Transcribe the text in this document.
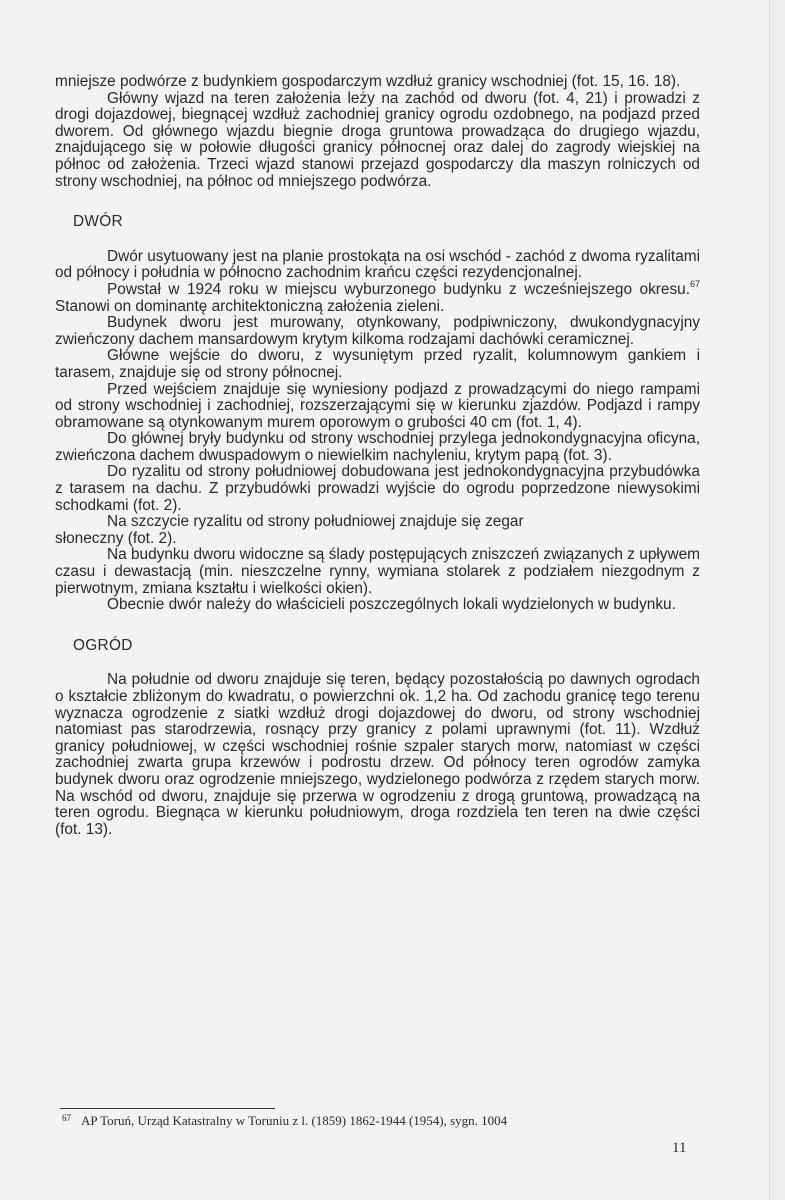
mniejsze podwórze z budynkiem gospodarczym wzdłuż granicy wschodniej (fot. 15, 16. 18).

Główny wjazd na teren założenia leży na zachód od dworu (fot. 4, 21) i prowadzi z drogi dojazdowej, biegnącej wzdłuż zachodniej granicy ogrodu ozdobnego, na podjazd przed dworem. Od głównego wjazdu biegnie droga gruntowa prowadząca do drugiego wjazdu, znajdującego się w połowie długości granicy północnej oraz dalej do zagrody wiejskiej na północ od założenia. Trzeci wjazd stanowi przejazd gospodarczy dla maszyn rolniczych od strony wschodniej, na północ od mniejszego podwórza.

DWÓR

Dwór usytuowany jest na planie prostokąta na osi wschód - zachód z dwoma ryzalitami od północy i południa w północno zachodnim krańcu części rezydencjonalnej.

Powstał w 1924 roku w miejscu wyburzonego budynku z wcześniejszego okresu.$^{67}$ Stanowi on dominantę architektoniczną założenia zieleni.

Budynek dworu jest murowany, otynkowany, podpiwniczony, dwukondygnacyjny zwieńczony dachem mansardowym krytym kilkoma rodzajami dachówki ceramicznej.

Główne wejście do dworu, z wysuniętym przed ryzalit, kolumnowym gankiem i tarasem, znajduje się od strony północnej.

Przed wejściem znajduje się wyniesiony podjazd z prowadzącymi do niego rampami od strony wschodniej i zachodniej, rozszerzającymi się w kierunku zjazdów. Podjazd i rampy obramowane są otynkowanym murem oporowym o grubości 40 cm (fot. 1, 4).

Do głównej bryły budynku od strony wschodniej przylega jednokondygnacyjna oficyna, zwieńczona dachem dwuspadowym o niewielkim nachyleniu, krytym papą (fot. 3).

Do ryzalitu od strony południowej dobudowana jest jednokondygnacyjna przybudówka z tarasem na dachu. Z przybudówki prowadzi wyjście do ogrodu poprzedzone niewysokimi schodkami (fot. 2).

Na szczycie ryzalitu od strony południowej znajduje się zegar
słoneczny (fot. 2).

Na budynku dworu widoczne są ślady postępujących zniszczeń związanych z upływem czasu i dewastacją (min. nieszczelne rynny, wymiana stolarek z podziałem niezgodnym z pierwotnym, zmiana kształtu i wielkości okien).

Obecnie dwór należy do właścicieli poszczególnych lokali wydzielonych w budynku.

OGRÓD

Na południe od dworu znajduje się teren, będący pozostałością po dawnych ogrodach o kształcie zbliżonym do kwadratu, o powierzchni ok. 1,2 ha. Od zachodu granicę tego terenu wyznacza ogrodzenie z siatki wzdłuż drogi dojazdowej do dworu, od strony wschodniej natomiast pas starodrzewia, rosnący przy granicy z polami uprawnymi (fot. 11). Wzdłuż granicy południowej, w części wschodniej rośnie szpaler starych morw, natomiast w części zachodniej zwarta grupa krzewów i podrostu drzew. Od północy teren ogrodów zamyka budynek dworu oraz ogrodzenie mniejszego, wydzielonego podwórza z rzędem starych morw. Na wschód od dworu, znajduje się przerwa w ogrodzeniu z drogą gruntową, prowadzącą na teren ogrodu. Biegnąca w kierunku południowym, droga rozdziela ten teren na dwie części (fot. 13).

$^{67}$ AP Toruń, Urząd Katastralny w Toruniu z l. (1859) 1862-1944 (1954), sygn. 1004
11
